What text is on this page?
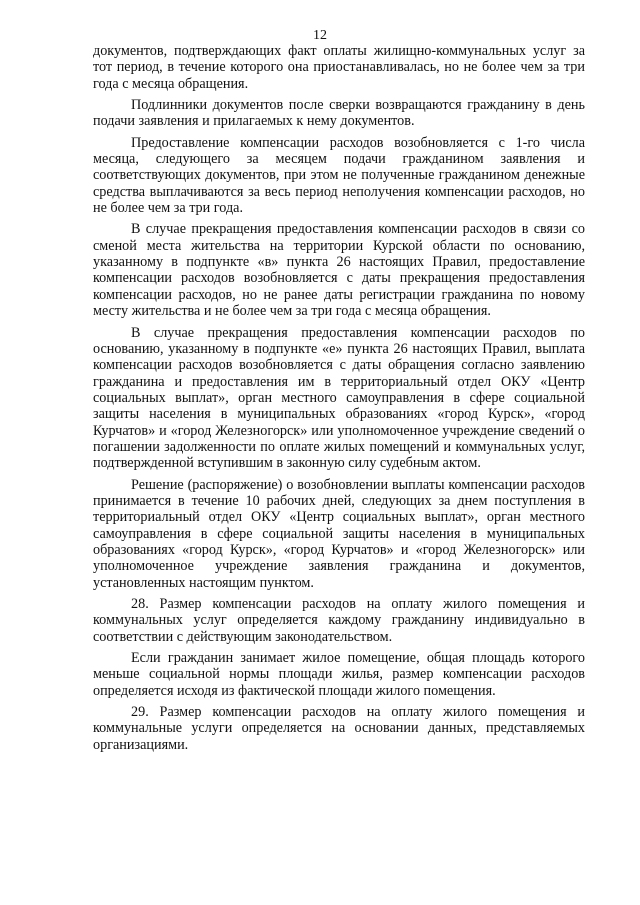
12

документов, подтверждающих факт оплаты жилищно-коммунальных услуг за тот период, в течение которого она приостанавливалась, но не более чем за три года с месяца обращения.

Подлинники документов после сверки возвращаются гражданину в день подачи заявления и прилагаемых к нему документов.

Предоставление компенсации расходов возобновляется с 1-го числа месяца, следующего за месяцем подачи гражданином заявления и соответствующих документов, при этом не полученные гражданином денежные средства выплачиваются за весь период неполучения компенсации расходов, но не более чем за три года.

В случае прекращения предоставления компенсации расходов в связи со сменой места жительства на территории Курской области по основанию, указанному в подпункте «в» пункта 26 настоящих Правил, предоставление компенсации расходов возобновляется с даты прекращения предоставления компенсации расходов, но не ранее даты регистрации гражданина по новому месту жительства и не более чем за три года с месяца обращения.

В случае прекращения предоставления компенсации расходов по основанию, указанному в подпункте «е» пункта 26 настоящих Правил, выплата компенсации расходов возобновляется с даты обращения согласно заявлению гражданина и предоставления им в территориальный отдел ОКУ «Центр социальных выплат», орган местного самоуправления в сфере социальной защиты населения в муниципальных образованиях «город Курск», «город Курчатов» и «город Железногорск» или уполномоченное учреждение сведений о погашении задолженности по оплате жилых помещений и коммунальных услуг, подтвержденной вступившим в законную силу судебным актом.

Решение (распоряжение) о возобновлении выплаты компенсации расходов принимается в течение 10 рабочих дней, следующих за днем поступления в территориальный отдел ОКУ «Центр социальных выплат», орган местного самоуправления в сфере социальной защиты населения в муниципальных образованиях «город Курск», «город Курчатов» и «город Железногорск» или уполномоченное учреждение заявления гражданина и документов, установленных настоящим пунктом.

28. Размер компенсации расходов на оплату жилого помещения и коммунальных услуг определяется каждому гражданину индивидуально в соответствии с действующим законодательством.

Если гражданин занимает жилое помещение, общая площадь которого меньше социальной нормы площади жилья, размер компенсации расходов определяется исходя из фактической площади жилого помещения.

29. Размер компенсации расходов на оплату жилого помещения и коммунальные услуги определяется на основании данных, представляемых организациями.
